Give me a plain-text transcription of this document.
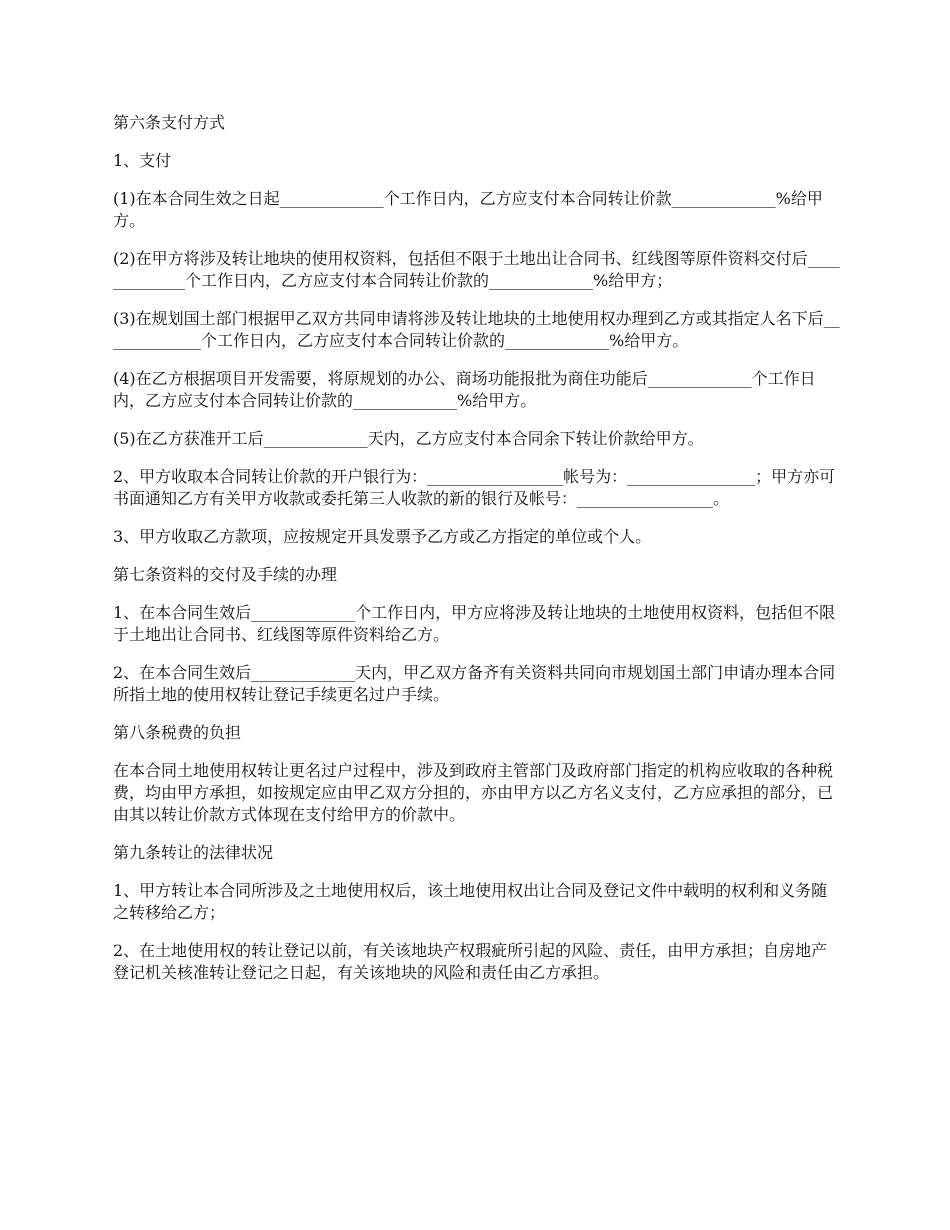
第六条支付方式

1、支付

(1)在本合同生效之日起_____________个工作日内，乙方应支付本合同转让价款_____________%给甲方。

(2)在甲方将涉及转让地块的使用权资料，包括但不限于土地出让合同书、红线图等原件资料交付后_____________个工作日内，乙方应支付本合同转让价款的_____________%给甲方；

(3)在规划国土部门根据甲乙双方共同申请将涉及转让地块的土地使用权办理到乙方或其指定人名下后_____________个工作日内，乙方应支付本合同转让价款的_____________%给甲方。

(4)在乙方根据项目开发需要，将原规划的办公、商场功能报批为商住功能后_____________个工作日内，乙方应支付本合同转让价款的_____________%给甲方。

(5)在乙方获准开工后_____________天内，乙方应支付本合同余下转让价款给甲方。

2、甲方收取本合同转让价款的开户银行为：_________________帐号为：________________；甲方亦可书面通知乙方有关甲方收款或委托第三人收款的新的银行及帐号：_________________。

3、甲方收取乙方款项，应按规定开具发票予乙方或乙方指定的单位或个人。

第七条资料的交付及手续的办理

1、在本合同生效后_____________个工作日内，甲方应将涉及转让地块的土地使用权资料，包括但不限于土地出让合同书、红线图等原件资料给乙方。

2、在本合同生效后_____________天内，甲乙双方备齐有关资料共同向市规划国土部门申请办理本合同所指土地的使用权转让登记手续更名过户手续。

第八条税费的负担

在本合同土地使用权转让更名过户过程中，涉及到政府主管部门及政府部门指定的机构应收取的各种税费，均由甲方承担，如按规定应由甲乙双方分担的，亦由甲方以乙方名义支付，乙方应承担的部分，已由其以转让价款方式体现在支付给甲方的价款中。

第九条转让的法律状况

1、甲方转让本合同所涉及之土地使用权后，该土地使用权出让合同及登记文件中载明的权利和义务随之转移给乙方；

2、在土地使用权的转让登记以前，有关该地块产权瑕疵所引起的风险、责任，由甲方承担；自房地产登记机关核准转让登记之日起，有关该地块的风险和责任由乙方承担。
